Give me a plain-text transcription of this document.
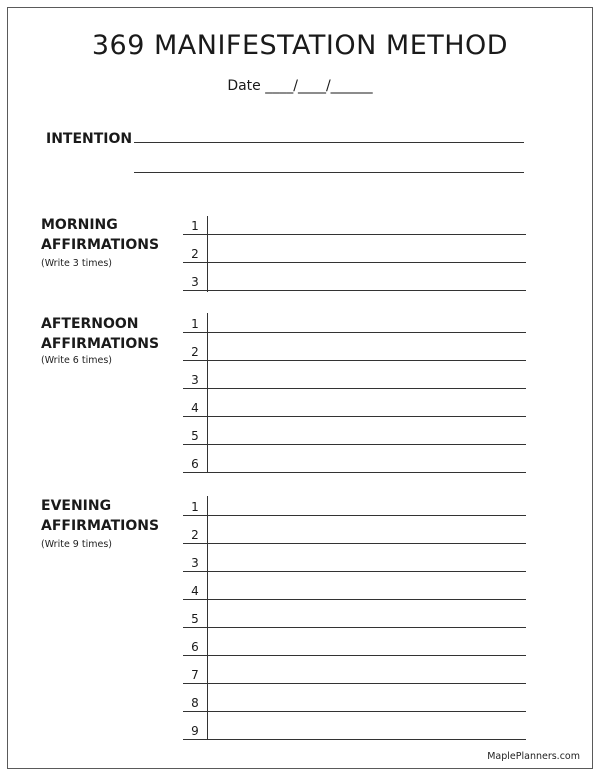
369 MANIFESTATION METHOD
Date ____/____/______
INTENTION
MORNING
AFFIRMATIONS
(Write 3 times)
1
2
3
AFTERNOON
AFFIRMATIONS
(Write 6 times)
1
2
3
4
5
6
EVENING
AFFIRMATIONS
(Write 9 times)
1
2
3
4
5
6
7
8
9
MaplePlanners.com
